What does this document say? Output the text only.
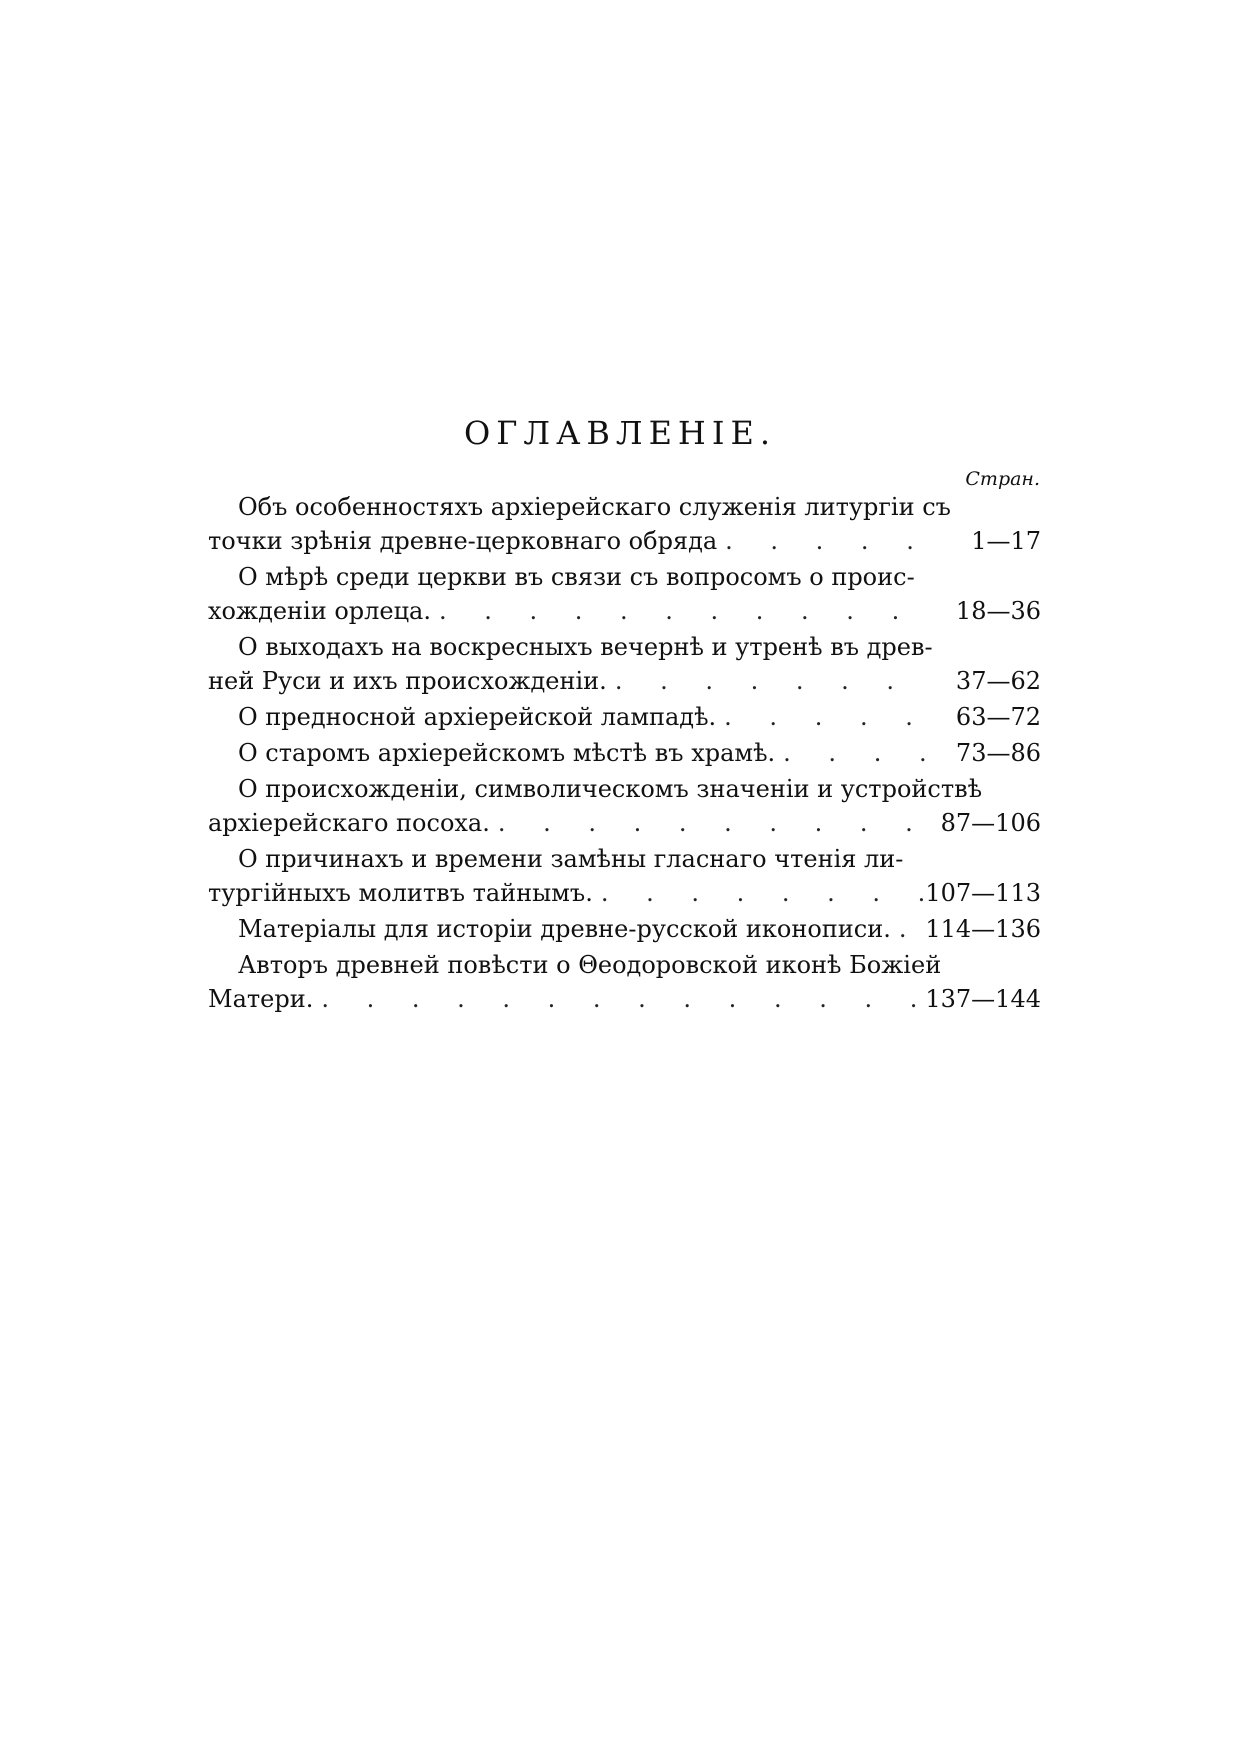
ОГЛАВЛЕНIЕ.
Стран.
Объ особенностяхъ архiерейскаго служенiя литургiи съ
точки зрѣнiя древне-церковнаго обряда . . .	1—17
О мѣрѣ среди церкви въ связи съ вопросомъ о проис-
хожденiи орлеца. . . .	18—36
О выходахъ на воскресныхъ вечернѣ и утренѣ въ древ-
ней Руси и ихъ происхожденiи. . . .	37—62
О предносной архiерейской лампадѣ. . . .	63—72
О старомъ архiерейскомъ мѣстѣ въ храмѣ. . . .	73—86
О происхожденiи, символическомъ значенiи и устройствѣ
архiерейскаго посоха. . . .	87—106
О причинахъ и времени замѣны гласнаго чтенiя ли-
тургiйныхъ молитвъ тайнымъ. . . .	107—113
Матерiалы для исторiи древне-русской иконописи. . . . 114—136
Авторъ древней повѣсти о Θеодоровской иконѣ Божiей
Матери. . . .	137—144
